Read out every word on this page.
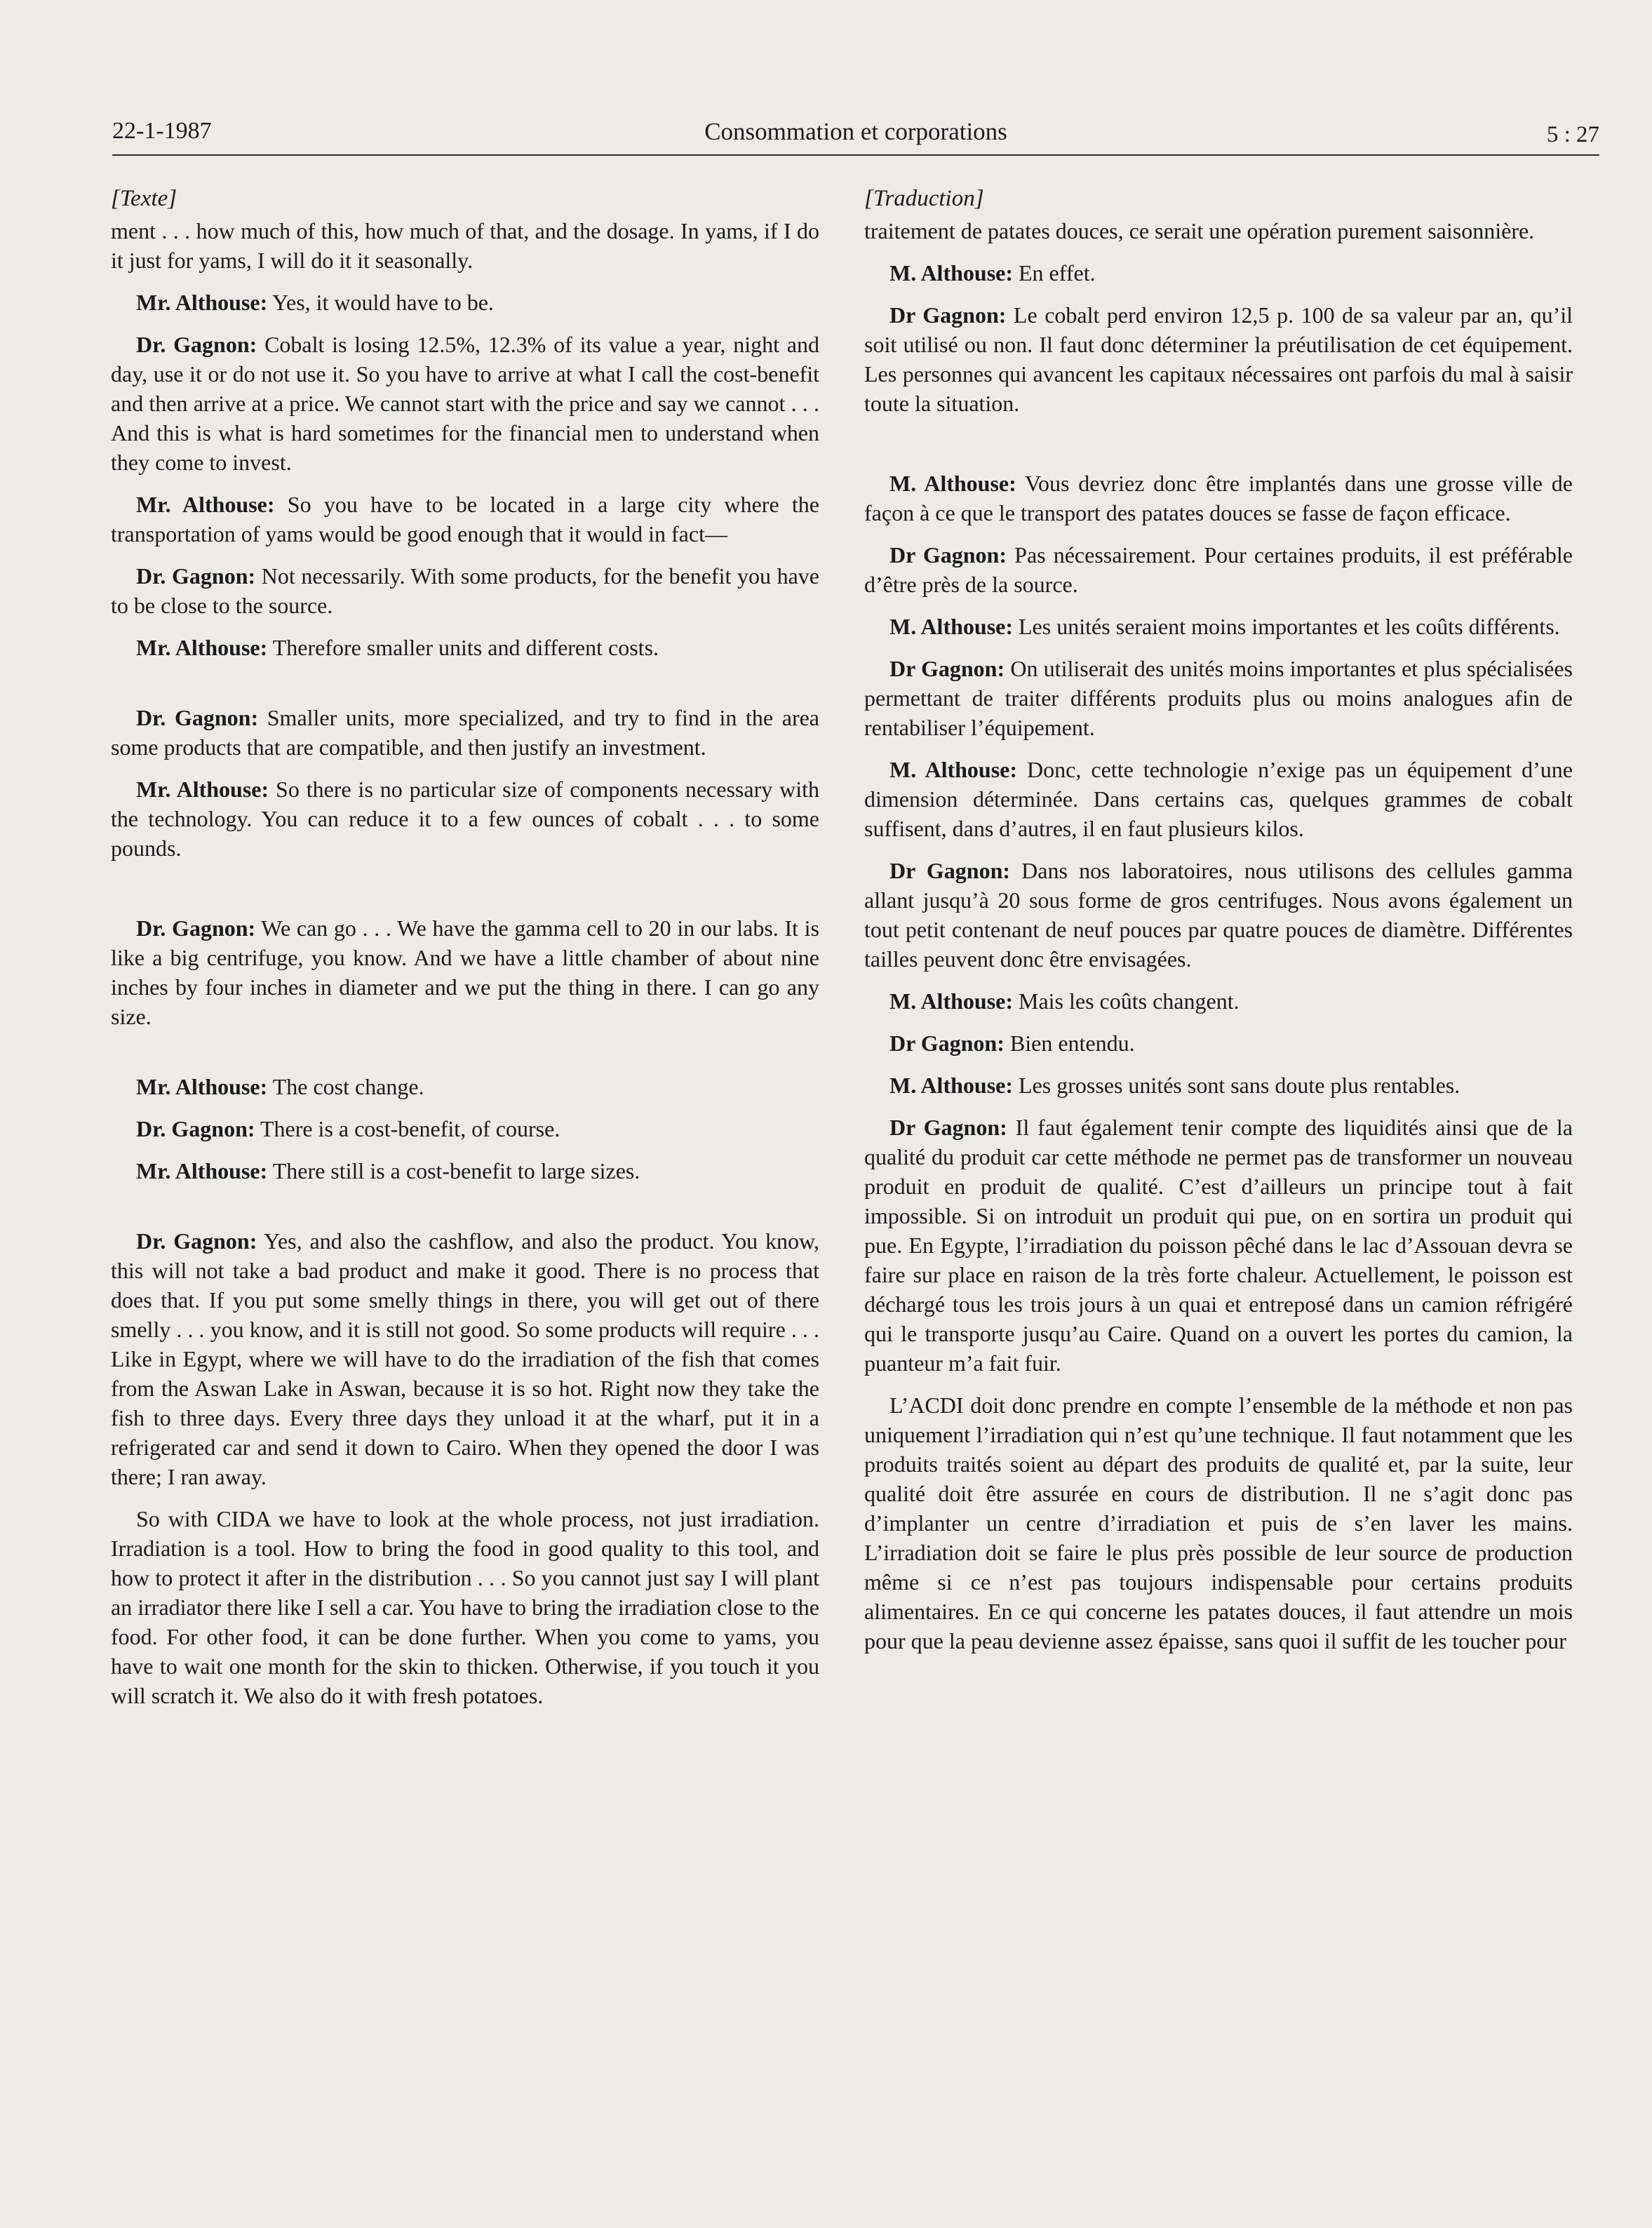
22-1-1987	Consommation et corporations	5 : 27
[Texte]

ment . . . how much of this, how much of that, and the dosage. In yams, if I do it just for yams, I will do it it seasonally.

Mr. Althouse: Yes, it would have to be.

Dr. Gagnon: Cobalt is losing 12.5%, 12.3% of its value a year, night and day, use it or do not use it. So you have to arrive at what I call the cost-benefit and then arrive at a price. We cannot start with the price and say we cannot . . . And this is what is hard sometimes for the financial men to understand when they come to invest.

Mr. Althouse: So you have to be located in a large city where the transportation of yams would be good enough that it would in fact—

Dr. Gagnon: Not necessarily. With some products, for the benefit you have to be close to the source.

Mr. Althouse: Therefore smaller units and different costs.

Dr. Gagnon: Smaller units, more specialized, and try to find in the area some products that are compatible, and then justify an investment.

Mr. Althouse: So there is no particular size of components necessary with the technology. You can reduce it to a few ounces of cobalt . . . to some pounds.

Dr. Gagnon: We can go . . . We have the gamma cell to 20 in our labs. It is like a big centrifuge, you know. And we have a little chamber of about nine inches by four inches in diameter and we put the thing in there. I can go any size.

Mr. Althouse: The cost change.

Dr. Gagnon: There is a cost-benefit, of course.

Mr. Althouse: There still is a cost-benefit to large sizes.

Dr. Gagnon: Yes, and also the cashflow, and also the product. You know, this will not take a bad product and make it good. There is no process that does that. If you put some smelly things in there, you will get out of there smelly . . . you know, and it is still not good. So some products will require . . . Like in Egypt, where we will have to do the irradiation of the fish that comes from the Aswan Lake in Aswan, because it is so hot. Right now they take the fish to three days. Every three days they unload it at the wharf, put it in a refrigerated car and send it down to Cairo. When they opened the door I was there; I ran away.

So with CIDA we have to look at the whole process, not just irradiation. Irradiation is a tool. How to bring the food in good quality to this tool, and how to protect it after in the distribution . . . So you cannot just say I will plant an irradiator there like I sell a car. You have to bring the irradiation close to the food. For other food, it can be done further. When you come to yams, you have to wait one month for the skin to thicken. Otherwise, if you touch it you will scratch it. We also do it with fresh potatoes.

[Traduction]

traitement de patates douces, ce serait une opération purement saisonnière.

M. Althouse: En effet.

Dr Gagnon: Le cobalt perd environ 12,5 p. 100 de sa valeur par an, qu’il soit utilisé ou non. Il faut donc déterminer la préutilisation de cet équipement. Les personnes qui avancent les capitaux nécessaires ont parfois du mal à saisir toute la situation.

M. Althouse: Vous devriez donc être implantés dans une grosse ville de façon à ce que le transport des patates douces se fasse de façon efficace.

Dr Gagnon: Pas nécessairement. Pour certaines produits, il est préférable d’être près de la source.

M. Althouse: Les unités seraient moins importantes et les coûts différents.

Dr Gagnon: On utiliserait des unités moins importantes et plus spécialisées permettant de traiter différents produits plus ou moins analogues afin de rentabiliser l’équipement.

M. Althouse: Donc, cette technologie n’exige pas un équipement d’une dimension déterminée. Dans certains cas, quelques grammes de cobalt suffisent, dans d’autres, il en faut plusieurs kilos.

Dr Gagnon: Dans nos laboratoires, nous utilisons des cellules gamma allant jusqu’à 20 sous forme de gros centrifuges. Nous avons également un tout petit contenant de neuf pouces par quatre pouces de diamètre. Différentes tailles peuvent donc être envisagées.

M. Althouse: Mais les coûts changent.

Dr Gagnon: Bien entendu.

M. Althouse: Les grosses unités sont sans doute plus rentables.

Dr Gagnon: Il faut également tenir compte des liquidités ainsi que de la qualité du produit car cette méthode ne permet pas de transformer un nouveau produit en produit de qualité. C’est d’ailleurs un principe tout à fait impossible. Si on introduit un produit qui pue, on en sortira un produit qui pue. En Egypte, l’irradiation du poisson pêché dans le lac d’Assouan devra se faire sur place en raison de la très forte chaleur. Actuellement, le poisson est déchargé tous les trois jours à un quai et entreposé dans un camion réfrigéré qui le transporte jusqu’au Caire. Quand on a ouvert les portes du camion, la puanteur m’a fait fuir.

L’ACDI doit donc prendre en compte l’ensemble de la méthode et non pas uniquement l’irradiation qui n’est qu’une technique. Il faut notamment que les produits traités soient au départ des produits de qualité et, par la suite, leur qualité doit être assurée en cours de distribution. Il ne s’agit donc pas d’implanter un centre d’irradiation et puis de s’en laver les mains. L’irradiation doit se faire le plus près possible de leur source de production même si ce n’est pas toujours indispensable pour certains produits alimentaires. En ce qui concerne les patates douces, il faut attendre un mois pour que la peau devienne assez épaisse, sans quoi il suffit de les toucher pour
